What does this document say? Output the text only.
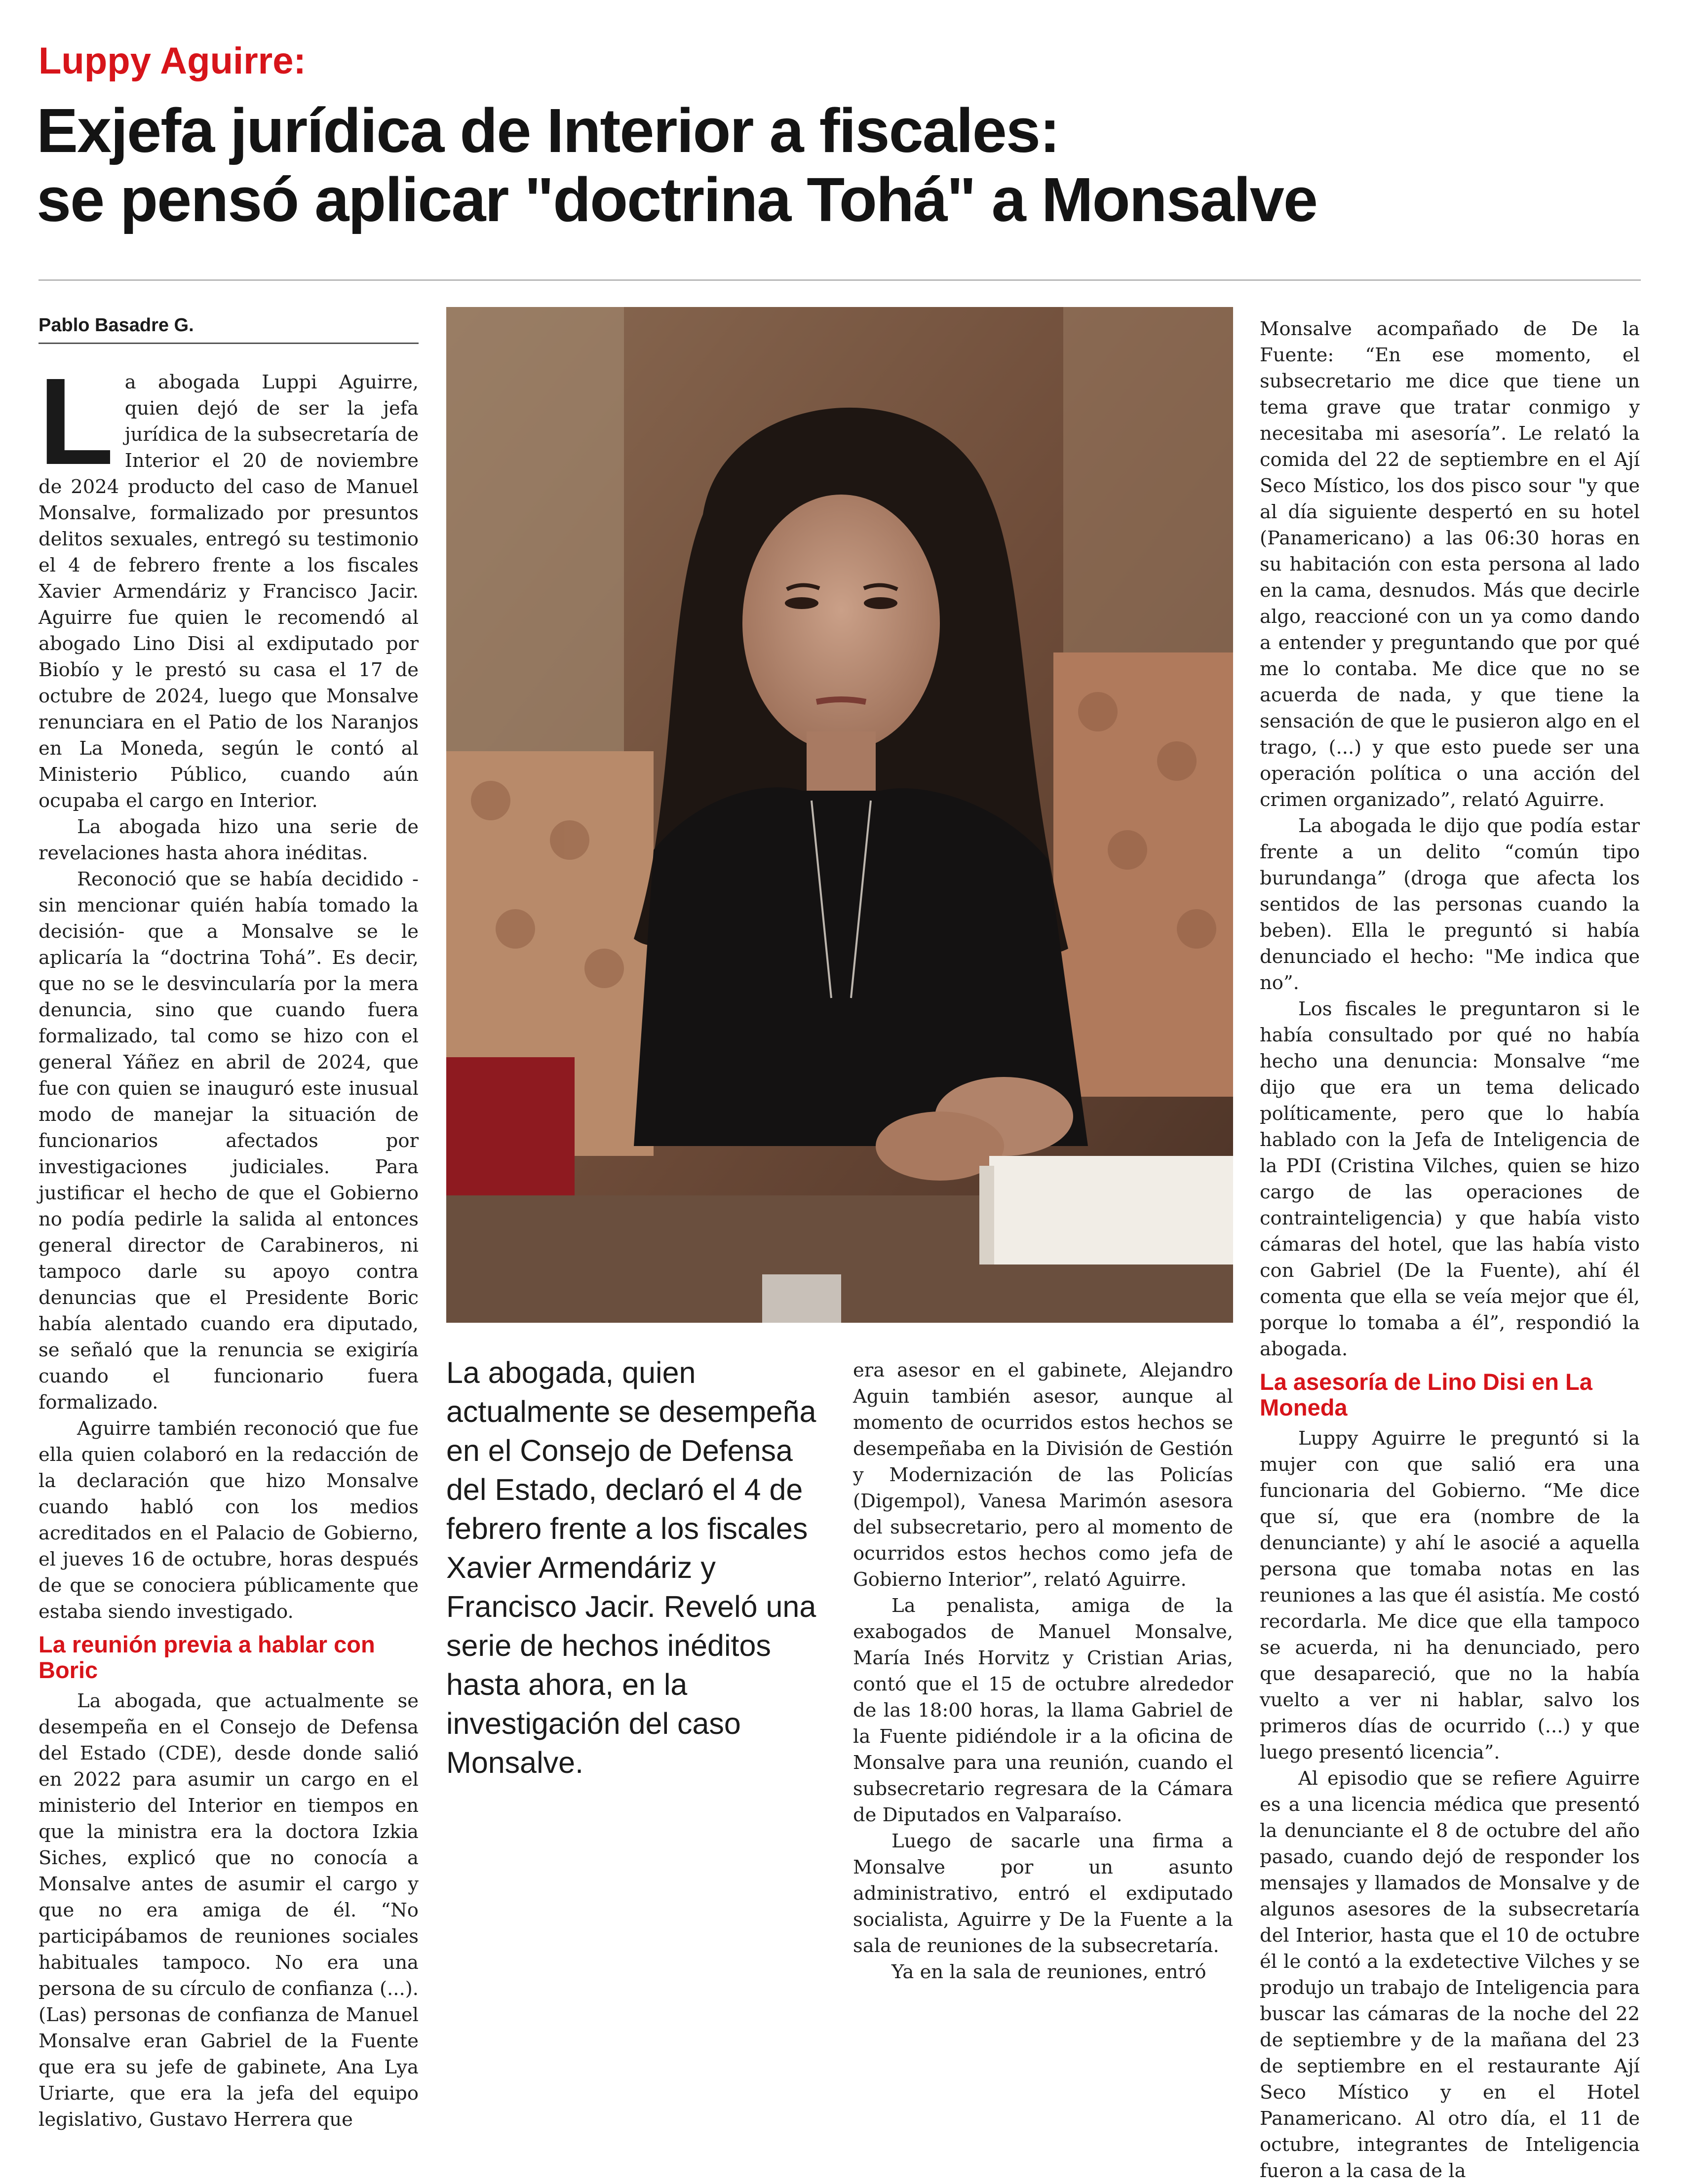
Luppy Aguirre:
Exjefa jurídica de Interior a fiscales:
se pensó aplicar "doctrina Tohá" a Monsalve
Pablo Basadre G.

La abogada Luppi Aguirre, quien dejó de ser la jefa jurídica de la subsecretaría de Interior el 20 de noviembre de 2024 producto del caso de Manuel Monsalve, formalizado por presuntos delitos sexuales, entregó su testimonio el 4 de febrero frente a los fiscales Xavier Armendáriz y Francisco Jacir. Aguirre fue quien le recomendó al abogado Lino Disi al exdiputado por Biobío y le prestó su casa el 17 de octubre de 2024, luego que Monsalve renunciara en el Patio de los Naranjos en La Moneda, según le contó al Ministerio Público, cuando aún ocupaba el cargo en Interior.

La abogada hizo una serie de revelaciones hasta ahora inéditas.

Reconoció que se había decidido -sin mencionar quién había tomado la decisión- que a Monsalve se le aplicaría la “doctrina Tohá”. Es decir, que no se le desvincularía por la mera denuncia, sino que cuando fuera formalizado, tal como se hizo con el general Yáñez en abril de 2024, que fue con quien se inauguró este inusual modo de manejar la situación de funcionarios afectados por investigaciones judiciales. Para justificar el hecho de que el Gobierno no podía pedirle la salida al entonces general director de Carabineros, ni tampoco darle su apoyo contra denuncias que el Presidente Boric había alentado cuando era diputado, se señaló que la renuncia se exigiría cuando el funcionario fuera formalizado.

Aguirre también reconoció que fue ella quien colaboró en la redacción de la declaración que hizo Monsalve cuando habló con los medios acreditados en el Palacio de Gobierno, el jueves 16 de octubre, horas después de que se conociera públicamente que estaba siendo investigado.

La reunión previa a hablar con Boric

La abogada, que actualmente se desempeña en el Consejo de Defensa del Estado (CDE), desde donde salió en 2022 para asumir un cargo en el ministerio del Interior en tiempos en que la ministra era la doctora Izkia Siches, explicó que no conocía a Monsalve antes de asumir el cargo y que no era amiga de él. “No participábamos de reuniones sociales habituales tampoco. No era una persona de su círculo de confianza (...). (Las) personas de confianza de Manuel Monsalve eran Gabriel de la Fuente que era su jefe de gabinete, Ana Lya Uriarte, que era la jefa del equipo legislativo, Gustavo Herrera que

La abogada, quien actualmente se desempeña en el Consejo de Defensa del Estado, declaró el 4 de febrero frente a los fiscales Xavier Armendáriz y Francisco Jacir. Reveló una serie de hechos inéditos hasta ahora, en la investigación del caso Monsalve.

era asesor en el gabinete, Alejandro Aguin también asesor, aunque al momento de ocurridos estos hechos se desempeñaba en la División de Gestión y Modernización de las Policías (Digempol), Vanesa Marimón asesora del subsecretario, pero al momento de ocurridos estos hechos como jefa de Gobierno Interior”, relató Aguirre.

La penalista, amiga de la exabogados de Manuel Monsalve, María Inés Horvitz y Cristian Arias, contó que el 15 de octubre alrededor de las 18:00 horas, la llama Gabriel de la Fuente pidiéndole ir a la oficina de Monsalve para una reunión, cuando el subsecretario regresara de la Cámara de Diputados en Valparaíso.

Luego de sacarle una firma a Monsalve por un asunto administrativo, entró el exdiputado socialista, Aguirre y De la Fuente a la sala de reuniones de la subsecretaría.

Ya en la sala de reuniones, entró

Monsalve acompañado de De la Fuente: “En ese momento, el subsecretario me dice que tiene un tema grave que tratar conmigo y necesitaba mi asesoría”. Le relató la comida del 22 de septiembre en el Ají Seco Místico, los dos pisco sour "y que al día siguiente despertó en su hotel (Panamericano) a las 06:30 horas en su habitación con esta persona al lado en la cama, desnudos. Más que decirle algo, reaccioné con un ya como dando a entender y preguntando que por qué me lo contaba. Me dice que no se acuerda de nada, y que tiene la sensación de que le pusieron algo en el trago, (...) y que esto puede ser una operación política o una acción del crimen organizado”, relató Aguirre.

La abogada le dijo que podía estar frente a un delito “común tipo burundanga” (droga que afecta los sentidos de las personas cuando la beben). Ella le preguntó si había denunciado el hecho: "Me indica que no”.

Los fiscales le preguntaron si le había consultado por qué no había hecho una denuncia: Monsalve “me dijo que era un tema delicado políticamente, pero que lo había hablado con la Jefa de Inteligencia de la PDI (Cristina Vilches, quien se hizo cargo de las operaciones de contrainteligencia) y que había visto cámaras del hotel, que las había visto con Gabriel (De la Fuente), ahí él comenta que ella se veía mejor que él, porque lo tomaba a él”, respondió la abogada.

La asesoría de Lino Disi en La Moneda

Luppy Aguirre le preguntó si la mujer con que salió era una funcionaria del Gobierno. “Me dice que sí, que era (nombre de la denunciante) y ahí le asocié a aquella persona que tomaba notas en las reuniones a las que él asistía. Me costó recordarla. Me dice que ella tampoco se acuerda, ni ha denunciado, pero que desapareció, que no la había vuelto a ver ni hablar, salvo los primeros días de ocurrido (...) y que luego presentó licencia”.

Al episodio que se refiere Aguirre es a una licencia médica que presentó la denunciante el 8 de octubre del año pasado, cuando dejó de responder los mensajes y llamados de Monsalve y de algunos asesores de la subsecretaría del Interior, hasta que el 10 de octubre él le contó a la exdetective Vilches y se produjo un trabajo de Inteligencia para buscar las cámaras de la noche del 22 de septiembre y de la mañana del 23 de septiembre en el restaurante Ají Seco Místico y en el Hotel Panamericano. Al otro día, el 11 de octubre, integrantes de Inteligencia fueron a la casa de la
